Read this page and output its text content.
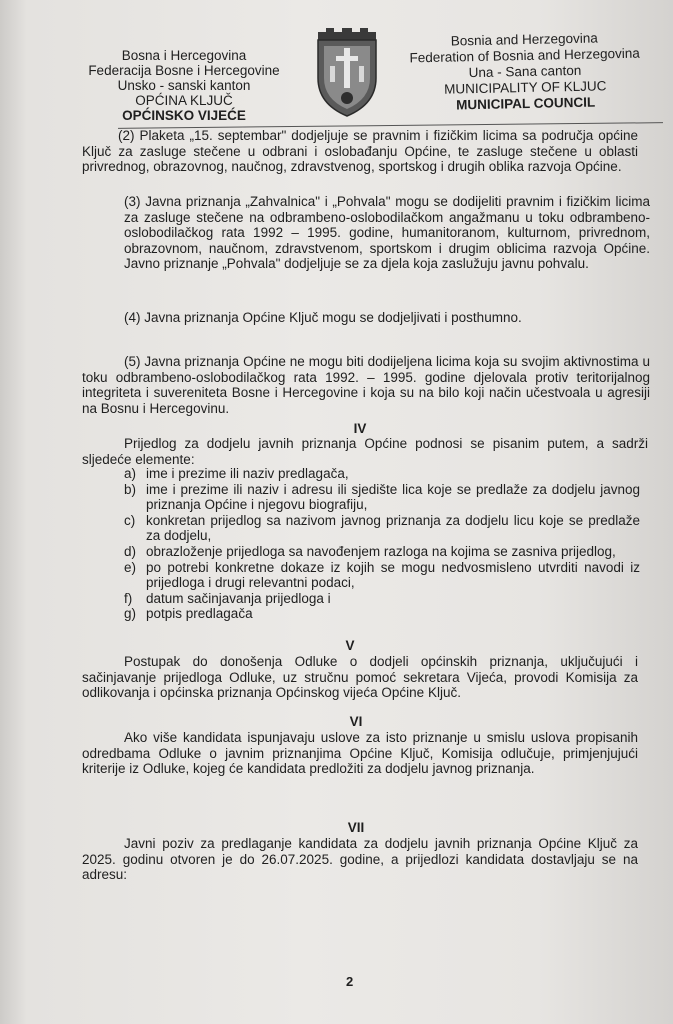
Bosna i Hercegovina
Federacija Bosne i Hercegovine
Unsko - sanski kanton
OPĆINA KLJUČ
OPĆINSKO VIJEĆE
Bosnia and Herzegovina
Federation of Bosnia and Herzegovina
Una - Sana canton
MUNICIPALITY OF KLJUC
MUNICIPAL COUNCIL

(2) Plaketa „15. septembar" dodjeljuje se pravnim i fizičkim licima sa područja općine Ključ za zasluge stečene u odbrani i oslobađanju Općine, te zasluge stečene u oblasti privrednog, obrazovnog, naučnog, zdravstvenog, sportskog i drugih oblika razvoja Općine.

(3) Javna priznanja „Zahvalnica" i „Pohvala" mogu se dodijeliti pravnim i fizičkim licima za zasluge stečene na odbrambeno-oslobodilačkom angažmanu u toku odbrambeno-oslobodilačkog rata 1992 – 1995. godine, humanitoranom, kulturnom, privrednom, obrazovnom, naučnom, zdravstvenom, sportskom i drugim oblicima razvoja Općine. Javno priznanje „Pohvala" dodjeljuje se za djela koja zaslužuju javnu pohvalu.

(4) Javna priznanja Općine Ključ mogu se dodjeljivati i posthumno.

(5) Javna priznanja Općine ne mogu biti dodijeljena licima koja su svojim aktivnostima u toku odbrambeno-oslobodilačkog rata 1992. – 1995. godine djelovala protiv teritorijalnog integriteta i suvereniteta Bosne i Hercegovine i koja su na bilo koji način učestvoala u agresiji na Bosnu i Hercegovinu.

IV

Prijedlog za dodjelu javnih priznanja Općine podnosi se pisanim putem, a sadrži sljedeće elemente:

a) ime i prezime ili naziv predlagača,
b) ime i prezime ili naziv i adresu ili sjedište lica koje se predlaže za dodjelu javnog priznanja Općine i njegovu biografiju,
c) konkretan prijedlog sa nazivom javnog priznanja za dodjelu licu koje se predlaže za dodjelu,
d) obrazloženje prijedloga sa navođenjem razloga na kojima se zasniva prijedlog,
e) po potrebi konkretne dokaze iz kojih se mogu nedvosmisleno utvrditi navodi iz prijedloga i drugi relevantni podaci,
f)	datum sačinjavanja prijedloga i
g) potpis predlagača
V

Postupak do donošenja Odluke o dodjeli općinskih priznanja, uključujući i sačinjavanje prijedloga Odluke, uz stručnu pomoć sekretara Vijeća, provodi Komisija za odlikovanja i općinska priznanja Općinskog vijeća Općine Ključ.

VI

Ako više kandidata ispunjavaju uslove za isto priznanje u smislu uslova propisanih odredbama Odluke o javnim priznanjima Općine Ključ, Komisija odlučuje, primjenjujući kriterije iz Odluke, kojeg će kandidata predložiti za dodjelu javnog priznanja.

VII

Javni poziv za predlaganje kandidata za dodjelu javnih priznanja Općine Ključ za 2025. godinu otvoren je do 26.07.2025. godine, a prijedlozi kandidata dostavljaju se na adresu:

2
